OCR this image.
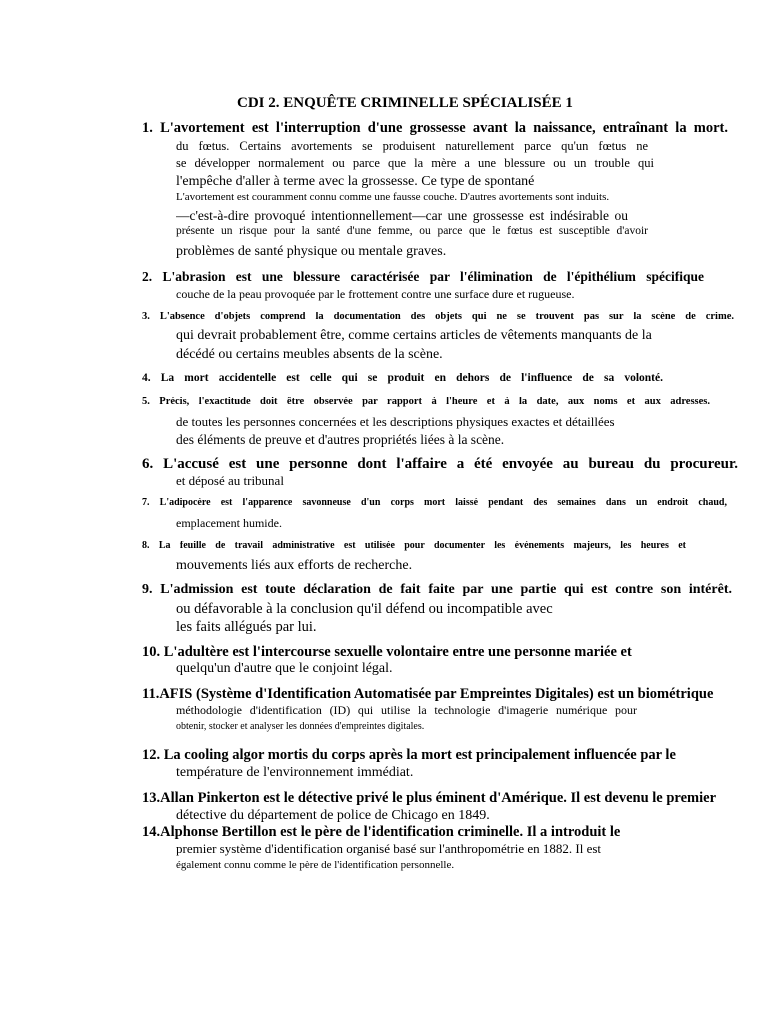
CDI 2. ENQUÊTE CRIMINELLE SPÉCIALISÉE 1
1. L'avortement est l'interruption d'une grossesse avant la naissance, entraînant la mort.
du fœtus. Certains avortements se produisent naturellement parce qu'un fœtus ne
se développer normalement ou parce que la mère a une blessure ou un trouble qui
l'empêche d'aller à terme avec la grossesse. Ce type de spontané
L'avortement est couramment connu comme une fausse couche. D'autres avortements sont induits.
—c'est-à-dire provoqué intentionnellement—car une grossesse est indésirable ou
présente un risque pour la santé d'une femme, ou parce que le fœtus est susceptible d'avoir
problèmes de santé physique ou mentale graves.
2. L'abrasion est une blessure caractérisée par l'élimination de l'épithélium spécifique
couche de la peau provoquée par le frottement contre une surface dure et rugueuse.
3. L'absence d'objets comprend la documentation des objets qui ne se trouvent pas sur la scène de crime.
qui devrait probablement être, comme certains articles de vêtements manquants de la
décédé ou certains meubles absents de la scène.
4. La mort accidentelle est celle qui se produit en dehors de l'influence de sa volonté.
5. Précis, l'exactitude doit être observée par rapport à l'heure et à la date, aux noms et aux adresses.
de toutes les personnes concernées et les descriptions physiques exactes et détaillées
des éléments de preuve et d'autres propriétés liées à la scène.
6. L'accusé est une personne dont l'affaire a été envoyée au bureau du procureur.
et déposé au tribunal
7. L'adipocère est l'apparence savonneuse d'un corps mort laissé pendant des semaines dans un endroit chaud,
emplacement humide.
8. La feuille de travail administrative est utilisée pour documenter les événements majeurs, les heures et
mouvements liés aux efforts de recherche.
9. L'admission est toute déclaration de fait faite par une partie qui est contre son intérêt.
ou défavorable à la conclusion qu'il défend ou incompatible avec
les faits allégués par lui.
10. L'adultère est l'intercourse sexuelle volontaire entre une personne mariée et
quelqu'un d'autre que le conjoint légal.
11.AFIS (Système d'Identification Automatisée par Empreintes Digitales) est un biométrique
méthodologie d'identification (ID) qui utilise la technologie d'imagerie numérique pour
obtenir, stocker et analyser les données d'empreintes digitales.
12. La cooling algor mortis du corps après la mort est principalement influencée par le
température de l'environnement immédiat.
13.Allan Pinkerton est le détective privé le plus éminent d'Amérique. Il est devenu le premier
détective du département de police de Chicago en 1849.
14.Alphonse Bertillon est le père de l'identification criminelle. Il a introduit le
premier système d'identification organisé basé sur l'anthropométrie en 1882. Il est
également connu comme le père de l'identification personnelle.
